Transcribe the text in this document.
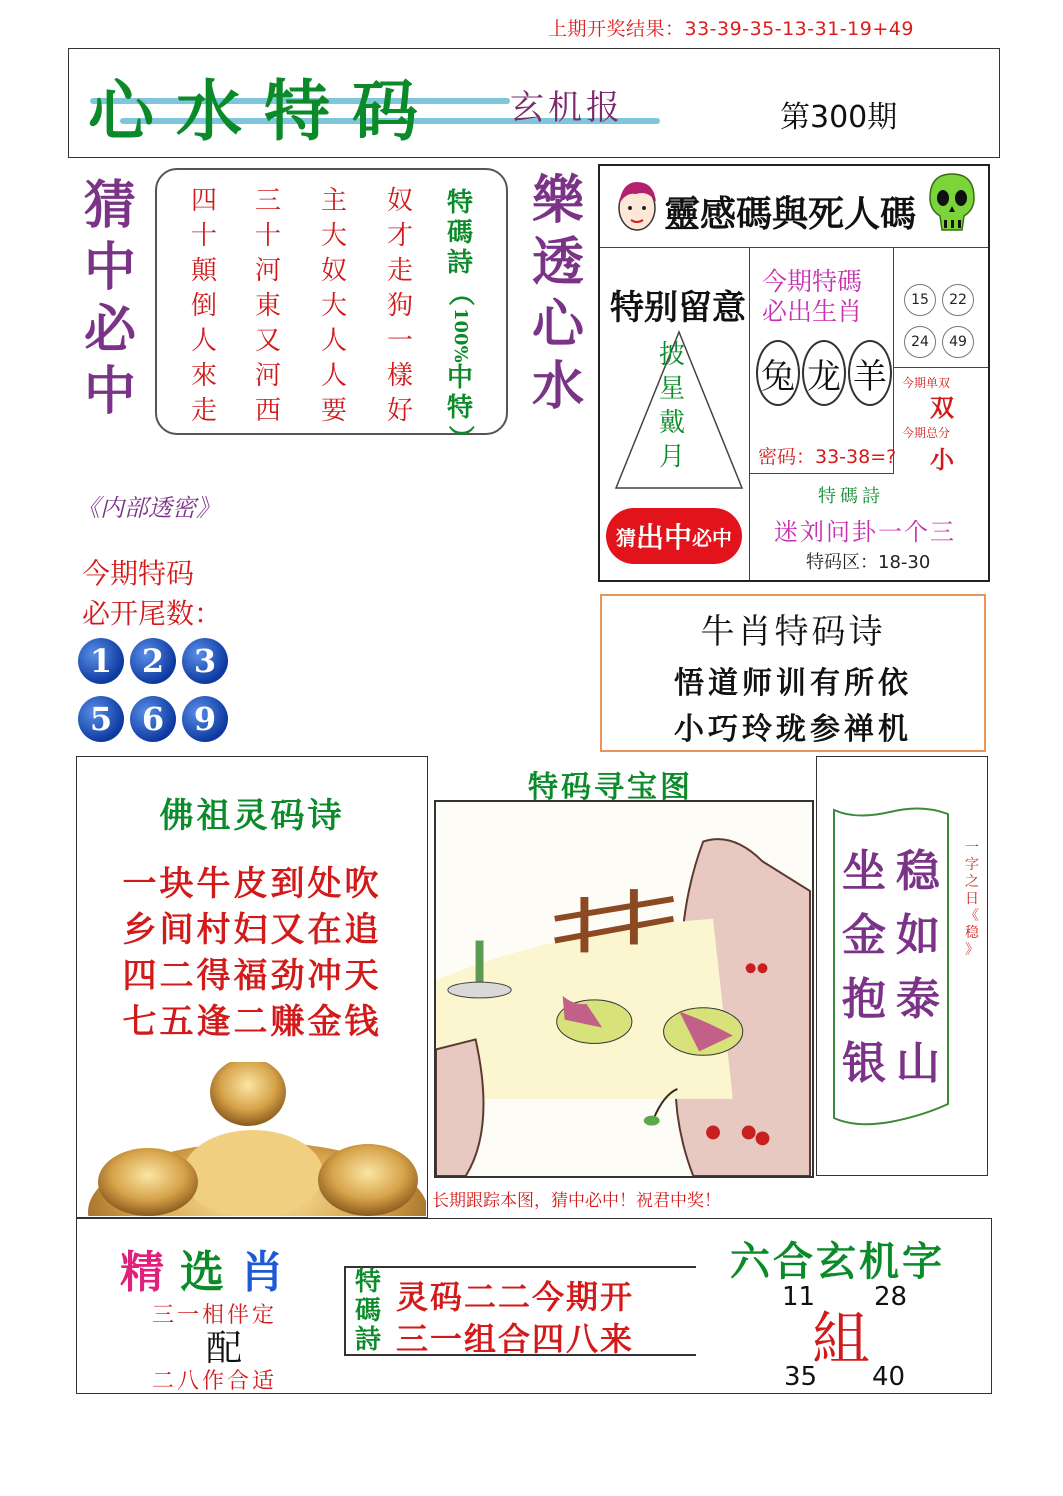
上期开奖结果：33-39-35-13-31-19+49
心水特码 玄机报	第300期
猜
中
必
中
四
十
顛
倒
人
來
走
三
十
河
東
又
河
西
主
大
奴
大
人
人
要
奴
才
走
狗
一
樣
好
特
碼
詩
（
100%
中
特
）
樂
透
心
水
靈感碼與死人碼
特别留意
披
星
戴
月
猜 出中 必 中
今期特碼
必出生肖
兔 龙 羊
密码：33-38=?
15	22
24	49
今期单双
双
今期总分
小
特碼詩
迷刘问卦一个三
特码区：18-30
《内部透密》
今期特码
必开尾数：
1 2 3
5 6 9
牛肖特码诗
悟道师训有所依
小巧玲珑参禅机
佛祖灵码诗
一块牛皮到处吹
乡间村妇又在追
四二得福劲冲天
七五逢二赚金钱
特码寻宝图
长期跟踪本图，猜中必中！祝君中奖！
稳
如
泰
山
坐
金
抱
银
一
字
之
日
《
稳
》
精选肖
三一相伴定
配
二八作合适
特
碼
詩
灵码二二今期开
三一组合四八来
六合玄机字
11 28
35 40
組
